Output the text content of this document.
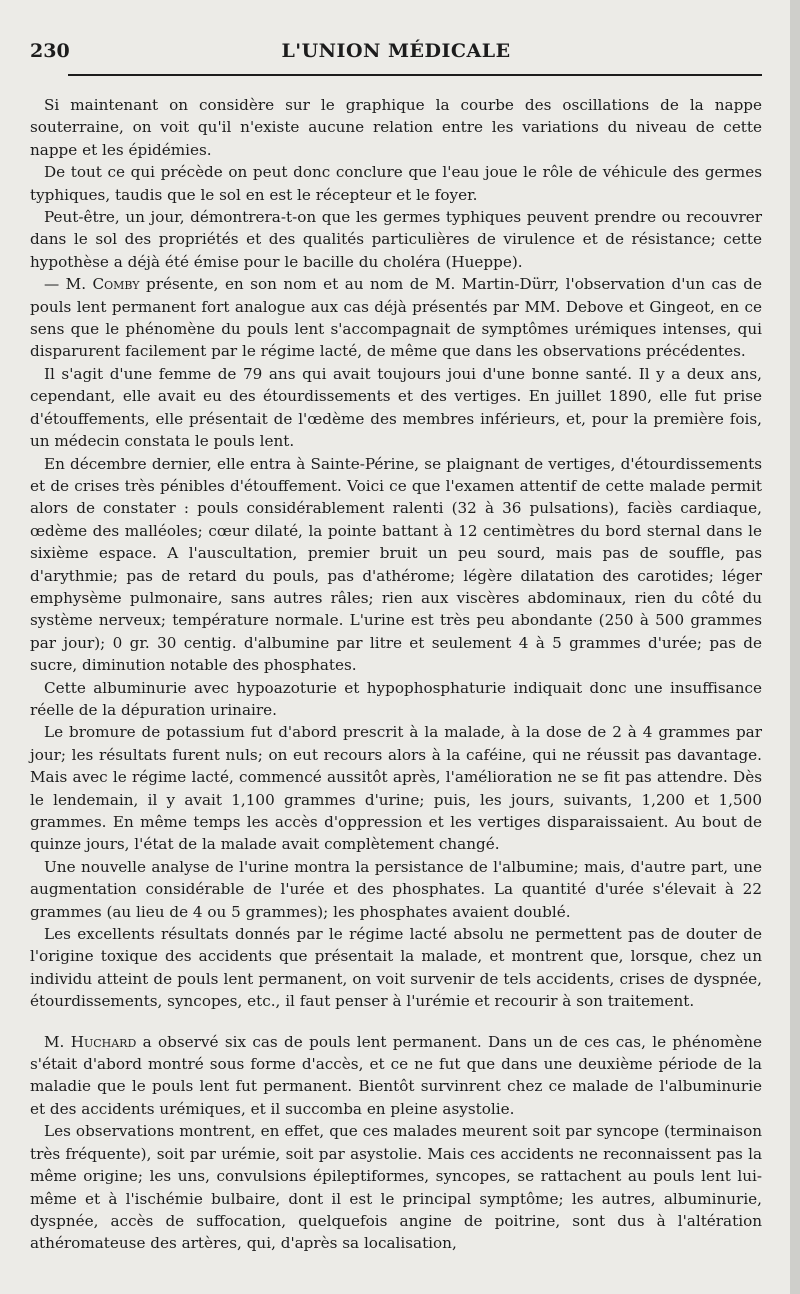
230	L'UNION MÉDICALE

Si maintenant on considère sur le graphique la courbe des oscillations de la nappe souterraine, on voit qu'il n'existe aucune relation entre les variations du niveau de cette nappe et les épidémies.

De tout ce qui précède on peut donc conclure que l'eau joue le rôle de véhicule des germes typhiques, taudis que le sol en est le récepteur et le foyer.

Peut-être, un jour, démontrera-t-on que les germes typhiques peuvent prendre ou recouvrer dans le sol des propriétés et des qualités particulières de virulence et de résistance; cette hypothèse a déjà été émise pour le bacille du choléra (Hueppe).

— M. Comby présente, en son nom et au nom de M. Martin-Dürr, l'observation d'un cas de pouls lent permanent fort analogue aux cas déjà présentés par MM. Debove et Gingeot, en ce sens que le phénomène du pouls lent s'accompagnait de symptômes urémiques intenses, qui disparurent facilement par le régime lacté, de même que dans les observations précédentes.

Il s'agit d'une femme de 79 ans qui avait toujours joui d'une bonne santé. Il y a deux ans, cependant, elle avait eu des étourdissements et des vertiges. En juillet 1890, elle fut prise d'étouffements, elle présentait de l'œdème des membres inférieurs, et, pour la première fois, un médecin constata le pouls lent.

En décembre dernier, elle entra à Sainte-Périne, se plaignant de vertiges, d'étourdissements et de crises très pénibles d'étouffement. Voici ce que l'examen attentif de cette malade permit alors de constater : pouls considérablement ralenti (32 à 36 pulsations), faciès cardiaque, œdème des malléoles; cœur dilaté, la pointe battant à 12 centimètres du bord sternal dans le sixième espace. A l'auscultation, premier bruit un peu sourd, mais pas de souffle, pas d'arythmie; pas de retard du pouls, pas d'athérome; légère dilatation des carotides; léger emphysème pulmonaire, sans autres râles; rien aux viscères abdominaux, rien du côté du système nerveux; température normale. L'urine est très peu abondante (250 à 500 grammes par jour); 0 gr. 30 centig. d'albumine par litre et seulement 4 à 5 grammes d'urée; pas de sucre, diminution notable des phosphates.

Cette albuminurie avec hypoazoturie et hypophosphaturie indiquait donc une insuffisance réelle de la dépuration urinaire.

Le bromure de potassium fut d'abord prescrit à la malade, à la dose de 2 à 4 grammes par jour; les résultats furent nuls; on eut recours alors à la caféine, qui ne réussit pas davantage. Mais avec le régime lacté, commencé aussitôt après, l'amélioration ne se fit pas attendre. Dès le lendemain, il y avait 1,100 grammes d'urine; puis, les jours, suivants, 1,200 et 1,500 grammes. En même temps les accès d'oppression et les vertiges disparaissaient. Au bout de quinze jours, l'état de la malade avait complètement changé.

Une nouvelle analyse de l'urine montra la persistance de l'albumine; mais, d'autre part, une augmentation considérable de l'urée et des phosphates. La quantité d'urée s'élevait à 22 grammes (au lieu de 4 ou 5 grammes); les phosphates avaient doublé.

Les excellents résultats donnés par le régime lacté absolu ne permettent pas de douter de l'origine toxique des accidents que présentait la malade, et montrent que, lorsque, chez un individu atteint de pouls lent permanent, on voit survenir de tels accidents, crises de dyspnée, étourdissements, syncopes, etc., il faut penser à l'urémie et recourir à son traitement.

M. Huchard a observé six cas de pouls lent permanent. Dans un de ces cas, le phénomène s'était d'abord montré sous forme d'accès, et ce ne fut que dans une deuxième période de la maladie que le pouls lent fut permanent. Bientôt survinrent chez ce malade de l'albuminurie et des accidents urémiques, et il succomba en pleine asystolie.

Les observations montrent, en effet, que ces malades meurent soit par syncope (terminaison très fréquente), soit par urémie, soit par asystolie. Mais ces accidents ne reconnaissent pas la même origine; les uns, convulsions épileptiformes, syncopes, se rattachent au pouls lent lui-même et à l'ischémie bulbaire, dont il est le principal symptôme; les autres, albuminurie, dyspnée, accès de suffocation, quelquefois angine de poitrine, sont dus à l'altération athéromateuse des artères, qui, d'après sa localisation,
